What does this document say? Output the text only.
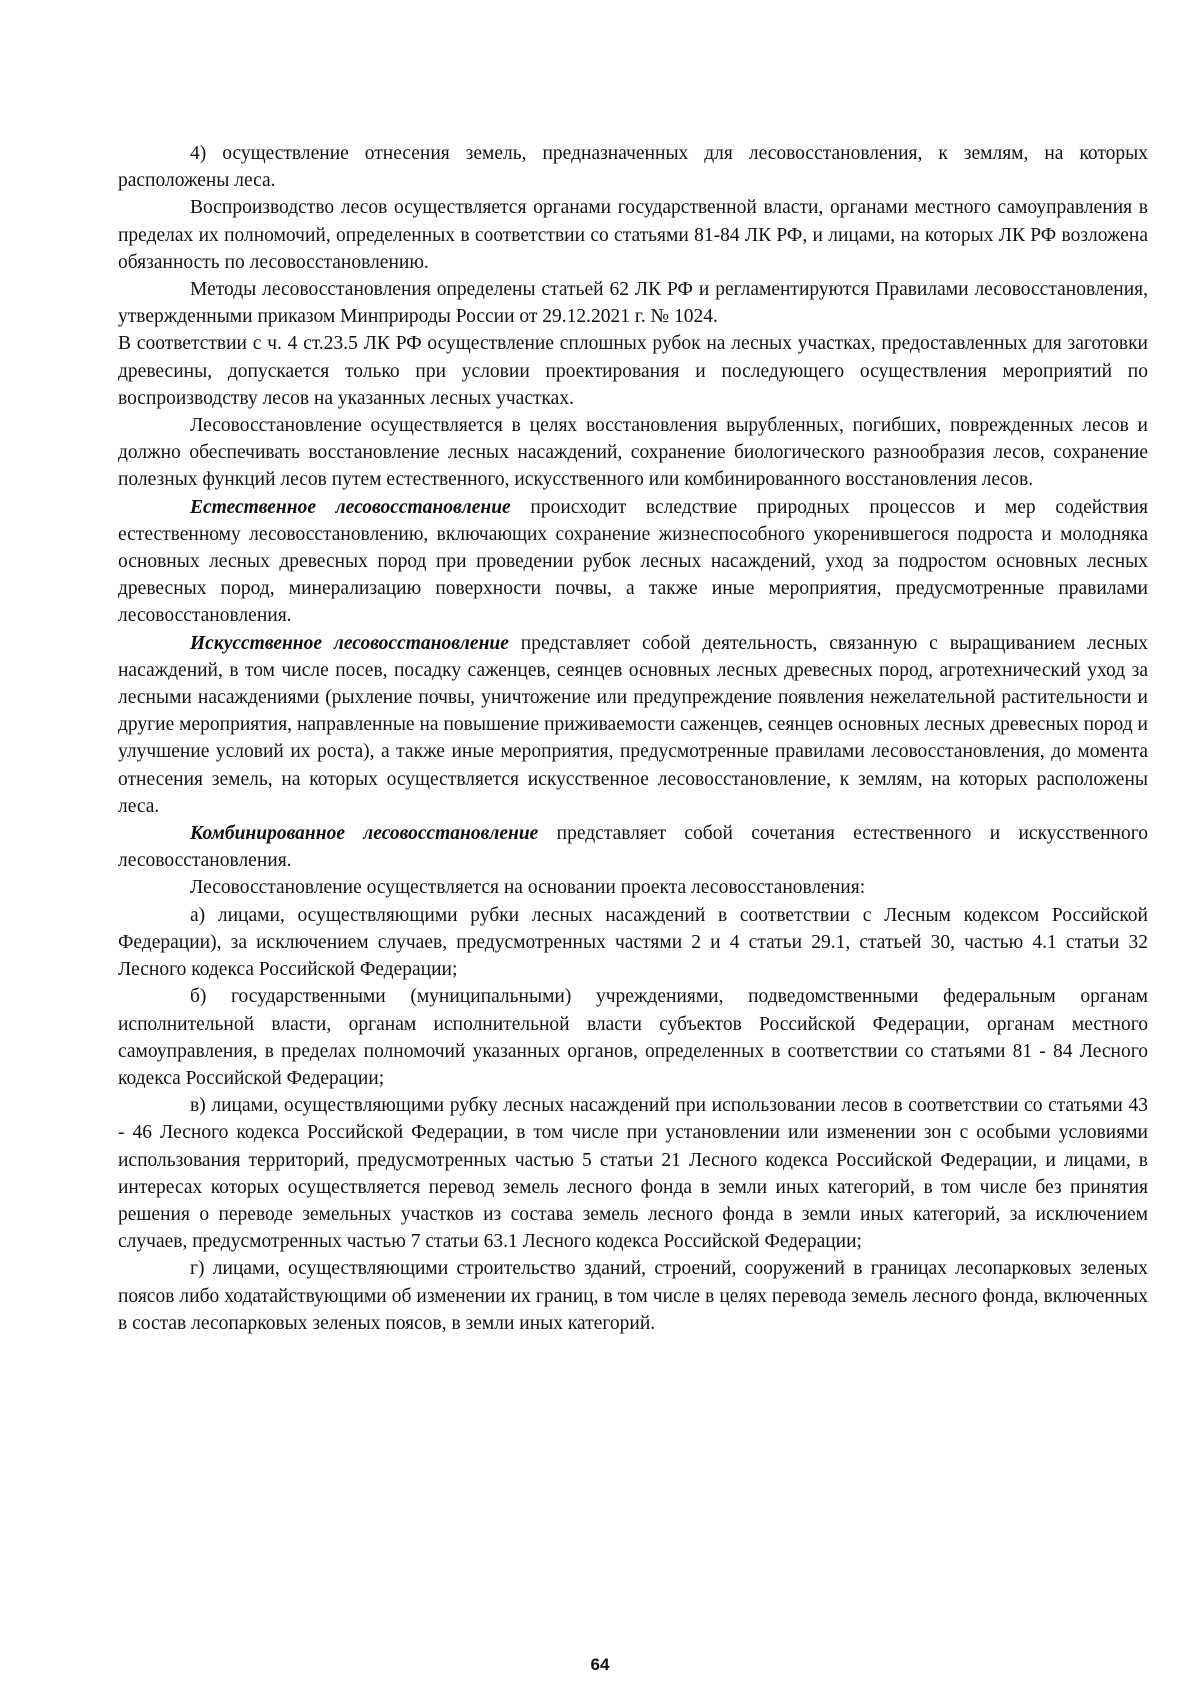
4) осуществление отнесения земель, предназначенных для лесовосстановления, к землям, на которых расположены леса.

Воспроизводство лесов осуществляется органами государственной власти, органами местного самоуправления в пределах их полномочий, определенных в соответствии со статьями 81-84 ЛК РФ, и лицами, на которых ЛК РФ возложена обязанность по лесовосстановлению.

Методы лесовосстановления определены статьей 62 ЛК РФ и регламентируются Правилами лесовосстановления, утвержденными приказом Минприроды России от 29.12.2021 г. № 1024.

В соответствии с ч. 4 ст.23.5 ЛК РФ осуществление сплошных рубок на лесных участках, предоставленных для заготовки древесины, допускается только при условии проектирования и последующего осуществления мероприятий по воспроизводству лесов на указанных лесных участках.

Лесовосстановление осуществляется в целях восстановления вырубленных, погибших, поврежденных лесов и должно обеспечивать восстановление лесных насаждений, сохранение биологического разнообразия лесов, сохранение полезных функций лесов путем естественного, искусственного или комбинированного восстановления лесов.

Естественное лесовосстановление происходит вследствие природных процессов и мер содействия естественному лесовосстановлению, включающих сохранение жизнеспособного укоренившегося подроста и молодняка основных лесных древесных пород при проведении рубок лесных насаждений, уход за подростом основных лесных древесных пород, минерализацию поверхности почвы, а также иные мероприятия, предусмотренные правилами лесовосстановления.

Искусственное лесовосстановление представляет собой деятельность, связанную с выращиванием лесных насаждений, в том числе посев, посадку саженцев, сеянцев основных лесных древесных пород, агротехнический уход за лесными насаждениями (рыхление почвы, уничтожение или предупреждение появления нежелательной растительности и другие мероприятия, направленные на повышение приживаемости саженцев, сеянцев основных лесных древесных пород и улучшение условий их роста), а также иные мероприятия, предусмотренные правилами лесовосстановления, до момента отнесения земель, на которых осуществляется искусственное лесовосстановление, к землям, на которых расположены леса.

Комбинированное лесовосстановление представляет собой сочетания естественного и искусственного лесовосстановления.

Лесовосстановление осуществляется на основании проекта лесовосстановления:

а) лицами, осуществляющими рубки лесных насаждений в соответствии с Лесным кодексом Российской Федерации), за исключением случаев, предусмотренных частями 2 и 4 статьи 29.1, статьей 30, частью 4.1 статьи 32 Лесного кодекса Российской Федерации;

б) государственными (муниципальными) учреждениями, подведомственными федеральным органам исполнительной власти, органам исполнительной власти субъектов Российской Федерации, органам местного самоуправления, в пределах полномочий указанных органов, определенных в соответствии со статьями 81 - 84 Лесного кодекса Российской Федерации;

в) лицами, осуществляющими рубку лесных насаждений при использовании лесов в соответствии со статьями 43 - 46 Лесного кодекса Российской Федерации, в том числе при установлении или изменении зон с особыми условиями использования территорий, предусмотренных частью 5 статьи 21 Лесного кодекса Российской Федерации, и лицами, в интересах которых осуществляется перевод земель лесного фонда в земли иных категорий, в том числе без принятия решения о переводе земельных участков из состава земель лесного фонда в земли иных категорий, за исключением случаев, предусмотренных частью 7 статьи 63.1 Лесного кодекса Российской Федерации;

г) лицами, осуществляющими строительство зданий, строений, сооружений в границах лесопарковых зеленых поясов либо ходатайствующими об изменении их границ, в том числе в целях перевода земель лесного фонда, включенных в состав лесопарковых зеленых поясов, в земли иных категорий.

64
